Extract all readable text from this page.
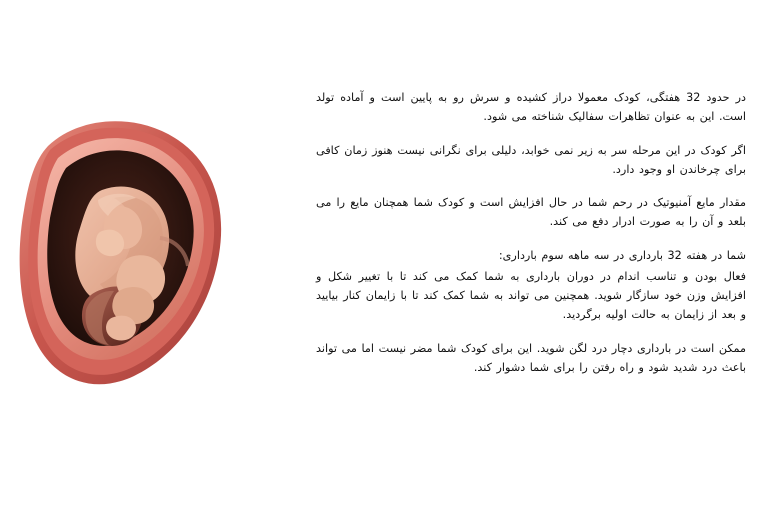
در حدود 32 هفتگی، کودک معمولا دراز کشیده و سرش رو به پایین است و آماده تولد است. این به عنوان تظاهرات سفالیک شناخته می شود.

اگر کودک در این مرحله سر به زیر نمی خوابد، دلیلی برای نگرانی نیست هنوز زمان کافی برای چرخاندن او وجود دارد.

مقدار مایع آمنیوتیک در رحم شما در حال افزایش است و کودک شما همچنان مایع را می بلعد و آن را به صورت ادرار دفع می کند.

شما در هفته 32 بارداری در سه ماهه سوم بارداری:

فعال بودن و تناسب اندام در دوران بارداری به شما کمک می کند تا با تغییر شکل و افزایش وزن خود سازگار شوید. همچنین می تواند به شما کمک کند تا با زایمان کنار بیایید و بعد از زایمان به حالت اولیه برگردید.

ممکن است در بارداری دچار درد لگن شوید. این برای کودک شما مضر نیست اما می تواند باعث درد شدید شود و راه رفتن را برای شما دشوار کند.
